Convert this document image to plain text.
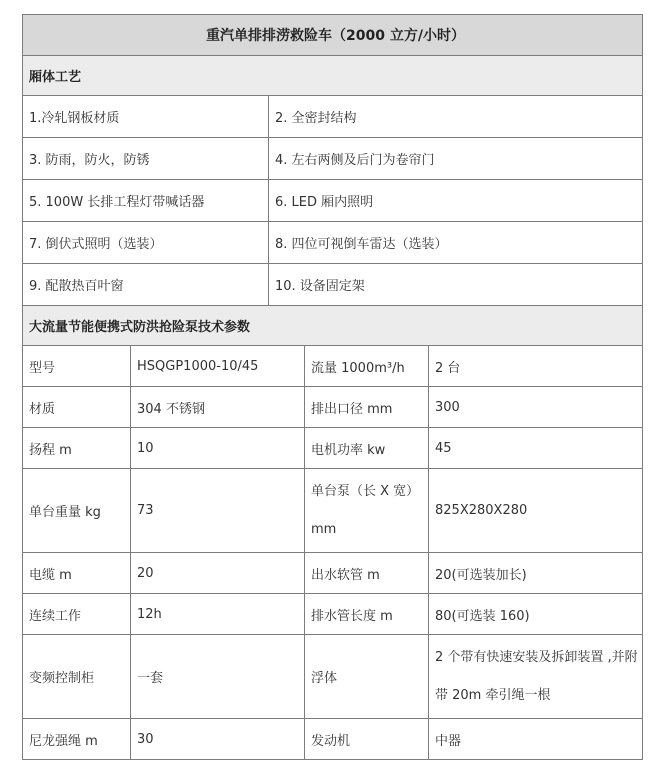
重汽单排排涝救险车（2000 立方/小时）				
厢体工艺				
1.冷轧钢板材质		2. 全密封结构		
3. 防雨，防火，防锈		4. 左右两侧及后门为卷帘门		
5. 100W 长排工程灯带喊话器		6. LED 厢内照明		
7. 倒伏式照明（选装）		8. 四位可视倒车雷达（选装）		
9. 配散热百叶窗		10. 设备固定架		
大流量节能便携式防洪抢险泵技术参数				
型号	HSQGP1000-10/45		流量 1000m³/h	2 台
材质	304 不锈钢		排出口径 mm	300
扬程 m	10		电机功率 kw	45
单台重量 kg	73		单台泵（长 X 宽）mm	825X280X280
电缆 m	20		出水软管 m	20(可选装加长)
连续工作	12h		排水管长度 m	80(可选装 160)
变频控制柜	一套		浮体	2 个带有快速安装及拆卸装置 ,并附带 20m 牵引绳一根
尼龙强绳 m	30		发动机	中器
